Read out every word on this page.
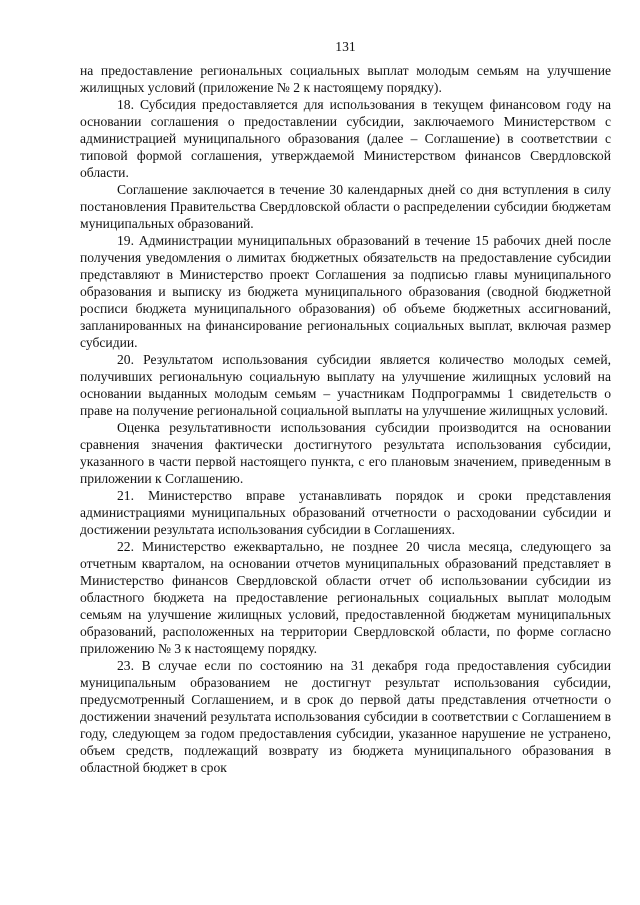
131

на предоставление региональных социальных выплат молодым семьям на улучшение жилищных условий (приложение № 2 к настоящему порядку).

18. Субсидия предоставляется для использования в текущем финансовом году на основании соглашения о предоставлении субсидии, заключаемого Министерством с администрацией муниципального образования (далее – Соглашение) в соответствии с типовой формой соглашения, утверждаемой Министерством финансов Свердловской области.

Соглашение заключается в течение 30 календарных дней со дня вступления в силу постановления Правительства Свердловской области о распределении субсидии бюджетам муниципальных образований.

19. Администрации муниципальных образований в течение 15 рабочих дней после получения уведомления о лимитах бюджетных обязательств на предоставление субсидии представляют в Министерство проект Соглашения за подписью главы муниципального образования и выписку из бюджета муниципального образования (сводной бюджетной росписи бюджета муниципального образования) об объеме бюджетных ассигнований, запланированных на финансирование региональных социальных выплат, включая размер субсидии.

20. Результатом использования субсидии является количество молодых семей, получивших региональную социальную выплату на улучшение жилищных условий на основании выданных молодым семьям – участникам Подпрограммы 1 свидетельств о праве на получение региональной социальной выплаты на улучшение жилищных условий.

Оценка результативности использования субсидии производится на основании сравнения значения фактически достигнутого результата использования субсидии, указанного в части первой настоящего пункта, с его плановым значением, приведенным в приложении к Соглашению.

21. Министерство вправе устанавливать порядок и сроки представления администрациями муниципальных образований отчетности о расходовании субсидии и достижении результата использования субсидии в Соглашениях.

22. Министерство ежеквартально, не позднее 20 числа месяца, следующего за отчетным кварталом, на основании отчетов муниципальных образований представляет в Министерство финансов Свердловской области отчет об использовании субсидии из областного бюджета на предоставление региональных социальных выплат молодым семьям на улучшение жилищных условий, предоставленной бюджетам муниципальных образований, расположенных на территории Свердловской области, по форме согласно приложению № 3 к настоящему порядку.

23. В случае если по состоянию на 31 декабря года предоставления субсидии муниципальным образованием не достигнут результат использования субсидии, предусмотренный Соглашением, и в срок до первой даты представления отчетности о достижении значений результата использования субсидии в соответствии с Соглашением в году, следующем за годом предоставления субсидии, указанное нарушение не устранено, объем средств, подлежащий возврату из бюджета муниципального образования в областной бюджет в срок
